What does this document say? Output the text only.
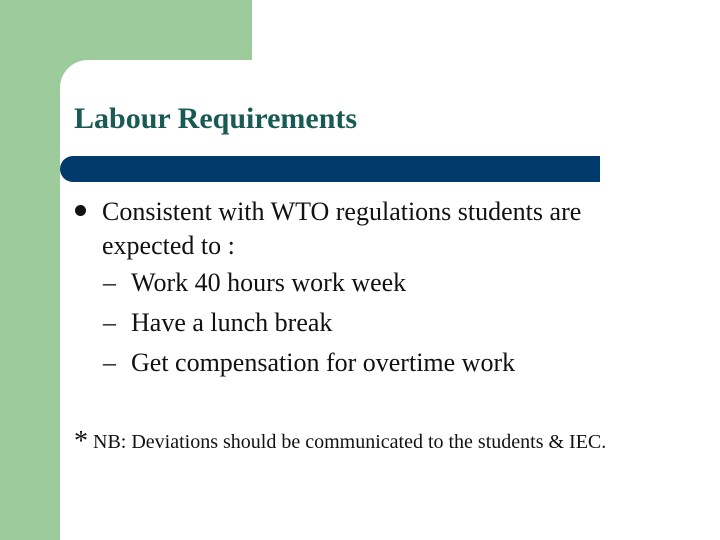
Labour Requirements
Consistent with WTO regulations students are expected to :
– Work 40 hours work week
– Have a lunch break
– Get compensation for overtime work
* NB: Deviations should be communicated to the students & IEC.
